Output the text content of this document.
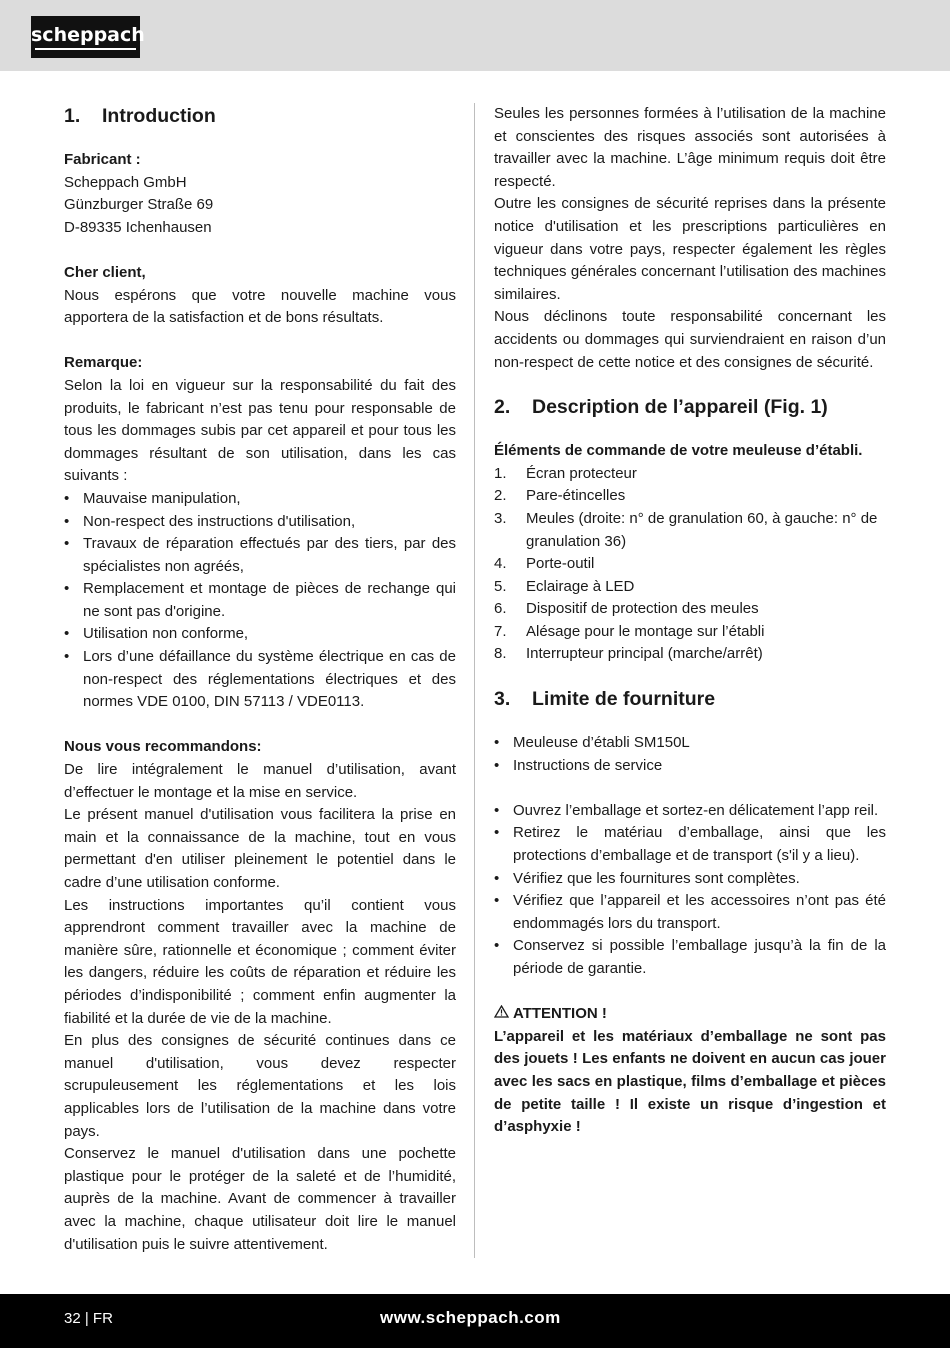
scheppach
1.	Introduction

Fabricant :

Scheppach GmbH

Günzburger Straße 69

D-89335 Ichenhausen

Cher client,

Nous espérons que votre nouvelle machine vous apportera de la satisfaction et de bons résultats.

Remarque:

Selon la loi en vigueur sur la responsabilité du fait des produits, le fabricant n’est pas tenu pour responsable de tous les dommages subis par cet appareil et pour tous les dommages résultant de son utilisation, dans les cas suivants :

• Mauvaise manipulation,
• Non-respect des instructions d'utilisation,
• Travaux de réparation effectués par des tiers, par des spécialistes non agréés,
• Remplacement et montage de pièces de rechange qui ne sont pas d'origine.
• Utilisation non conforme,
• Lors d’une défaillance du système électrique en cas de non-respect des réglementations électriques et des normes VDE 0100, DIN 57113 / VDE0113.

Nous vous recommandons:

De lire intégralement le manuel d’utilisation, avant d’effectuer le montage et la mise en service.

Le présent manuel d'utilisation vous facilitera la prise en main et la connaissance de la machine, tout en vous permettant d'en utiliser pleinement le potentiel dans le cadre d’une utilisation conforme.

Les instructions importantes qu’il contient vous apprendront comment travailler avec la machine de manière sûre, rationnelle et économique ; comment éviter les dangers, réduire les coûts de réparation et réduire les périodes d’indisponibilité ; comment enfin augmenter la fiabilité et la durée de vie de la machine.

En plus des consignes de sécurité continues dans ce manuel d'utilisation, vous devez respecter scrupuleusement les réglementations et les lois applicables lors de l’utilisation de la machine dans votre pays.

Conservez le manuel d'utilisation dans une pochette plastique pour le protéger de la saleté et de l’humidité, auprès de la machine. Avant de commencer à travailler avec la machine, chaque utilisateur doit lire le manuel d'utilisation puis le suivre attentivement.

Seules les personnes formées à l’utilisation de la machine et conscientes des risques associés sont autorisées à travailler avec la machine. L’âge minimum requis doit être respecté.

Outre les consignes de sécurité reprises dans la présente notice d'utilisation et les prescriptions particulières en vigueur dans votre pays, respecter également les règles techniques générales concernant l’utilisation des machines similaires.

Nous déclinons toute responsabilité concernant les accidents ou dommages qui surviendraient en raison d’un non-respect de cette notice et des consignes de sécurité.

2.	Description de l’appareil (Fig. 1)

Éléments de commande de votre meuleuse d’établi.

1.	Écran protecteur
2.	Pare-étincelles
3.	Meules (droite: n° de granulation 60, à gauche: n° de granulation 36)
4.	Porte-outil
5.	Eclairage à LED
6.	Dispositif de protection des meules
7.	Alésage pour le montage sur l’établi
8.	Interrupteur principal (marche/arrêt)
3.	Limite de fourniture
• Meuleuse d’établi SM150L
• Instructions de service
• Ouvrez l’emballage et sortez-en délicatement l’app reil.
• Retirez le matériau d’emballage, ainsi que les protections d’emballage et de transport (s'il y a lieu).
• Vérifiez que les fournitures sont complètes.
• Vérifiez que l’appareil et les accessoires n’ont pas été endommagés lors du transport.
• Conservez si possible l’emballage jusqu’à la fin de la période de garantie.

ATTENTION !

L’appareil et les matériaux d’emballage ne sont pas des jouets ! Les enfants ne doivent en aucun cas jouer avec les sacs en plastique, films d’emballage et pièces de petite taille ! Il existe un risque d’ingestion et d’asphyxie !

32 | FR	www.scheppach.com
